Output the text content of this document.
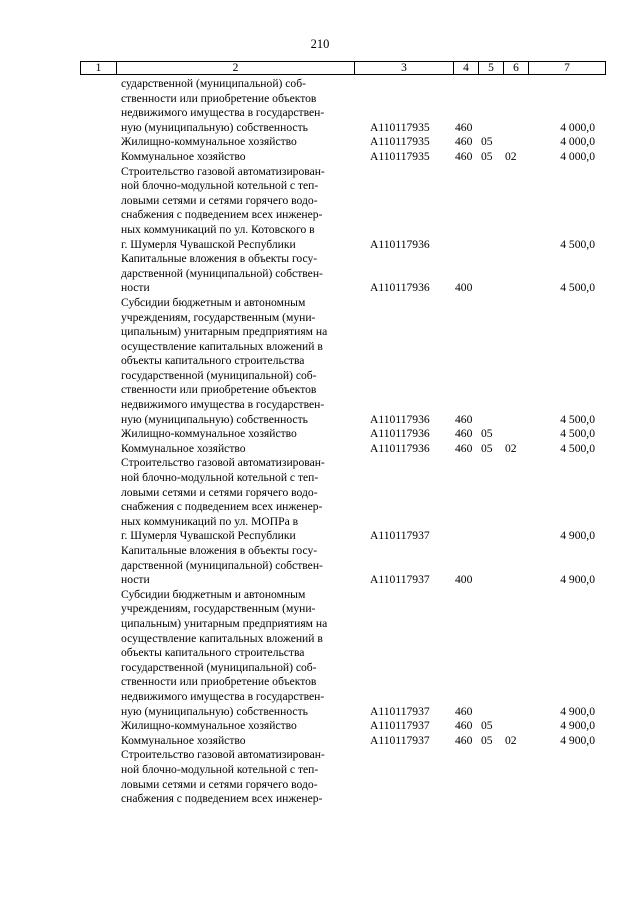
210
1	2	3	4	5	6	7
сударственной (муниципальной) соб-
ственности или приобретение объектов
недвижимого имущества в государствен-
ную (муниципальную) собственность	А110117935 460	4 000,0
Жилищно-коммунальное хозяйство	А110117935 460 05	4 000,0
Коммунальное хозяйство	А110117935 460 05 02	4 000,0
Строительство газовой автоматизирован-
ной блочно-модульной котельной с теп-
ловыми сетями и сетями горячего водо-
снабжения с подведением всех инженер-
ных коммуникаций по ул. Котовского в
г. Шумерля Чувашской Республики	А110117936	4 500,0
Капитальные вложения в объекты госу-
дарственной (муниципальной) собствен-
ности	А110117936 400	4 500,0
Субсидии бюджетным и автономным
учреждениям, государственным (муни-
ципальным) унитарным предприятиям на
осуществление капитальных вложений в
объекты капитального строительства
государственной (муниципальной) соб-
ственности или приобретение объектов
недвижимого имущества в государствен-
ную (муниципальную) собственность	А110117936 460	4 500,0
Жилищно-коммунальное хозяйство	А110117936 460 05	4 500,0
Коммунальное хозяйство	А110117936 460 05 02	4 500,0
Строительство газовой автоматизирован-
ной блочно-модульной котельной с теп-
ловыми сетями и сетями горячего водо-
снабжения с подведением всех инженер-
ных коммуникаций по ул. МОПРа в
г. Шумерля Чувашской Республики	А110117937	4 900,0
Капитальные вложения в объекты госу-
дарственной (муниципальной) собствен-
ности	А110117937 400	4 900,0
Субсидии бюджетным и автономным
учреждениям, государственным (муни-
ципальным) унитарным предприятиям на
осуществление капитальных вложений в
объекты капитального строительства
государственной (муниципальной) соб-
ственности или приобретение объектов
недвижимого имущества в государствен-
ную (муниципальную) собственность	А110117937 460	4 900,0
Жилищно-коммунальное хозяйство	А110117937 460 05	4 900,0
Коммунальное хозяйство	А110117937 460 05 02	4 900,0
Строительство газовой автоматизирован-
ной блочно-модульной котельной с теп-
ловыми сетями и сетями горячего водо-
снабжения с подведением всех инженер-
